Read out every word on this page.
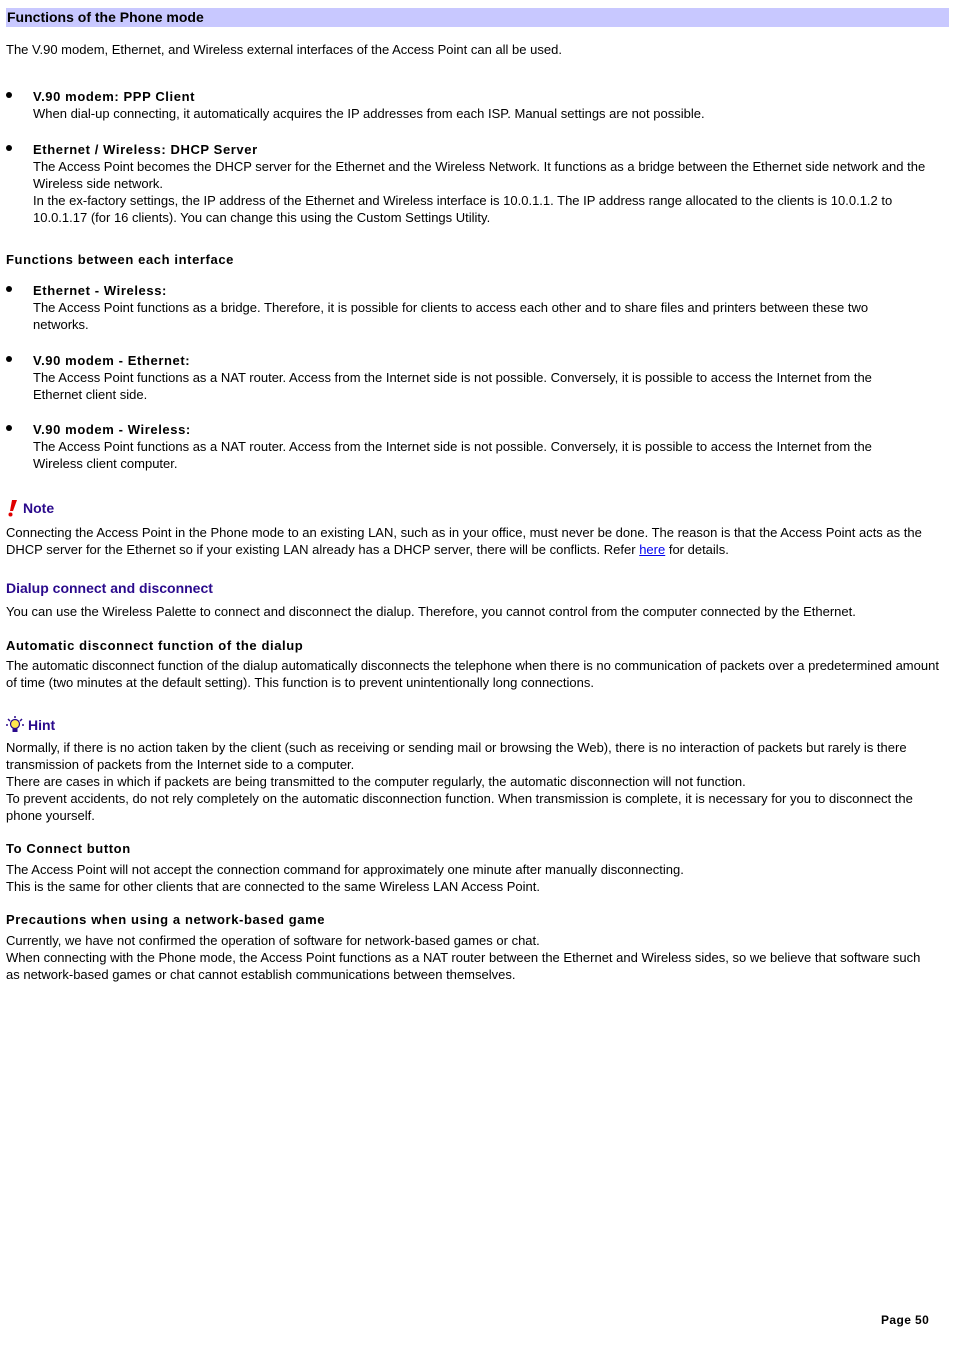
Functions of the Phone mode

The V.90 modem, Ethernet, and Wireless external interfaces of the Access Point can all be used.

V.90 modem: PPP Client

When dial-up connecting, it automatically acquires the IP addresses from each ISP. Manual settings are not possible.

Ethernet / Wireless: DHCP Server

The Access Point becomes the DHCP server for the Ethernet and the Wireless Network. It functions as a bridge between the Ethernet side network and the

Wireless side network.

In the ex-factory settings, the IP address of the Ethernet and Wireless interface is 10.0.1.1. The IP address range allocated to the clients is 10.0.1.2 to

10.0.1.17 (for 16 clients). You can change this using the Custom Settings Utility.

Functions between each interface
Ethernet - Wireless:

The Access Point functions as a bridge. Therefore, it is possible for clients to access each other and to share files and printers between these two

networks.

V.90 modem - Ethernet:

The Access Point functions as a NAT router. Access from the Internet side is not possible. Conversely, it is possible to access the Internet from the

Ethernet client side.

V.90 modem - Wireless:

The Access Point functions as a NAT router. Access from the Internet side is not possible. Conversely, it is possible to access the Internet from the

Wireless client computer.

Note

Connecting the Access Point in the Phone mode to an existing LAN, such as in your office, must never be done. The reason is that the Access Point acts as the

DHCP server for the Ethernet so if your existing LAN already has a DHCP server, there will be conflicts. Refer here for details.

Dialup connect and disconnect

You can use the Wireless Palette to connect and disconnect the dialup. Therefore, you cannot control from the computer connected by the Ethernet.

Automatic disconnect function of the dialup

The automatic disconnect function of the dialup automatically disconnects the telephone when there is no communication of packets over a predetermined amount

of time (two minutes at the default setting). This function is to prevent unintentionally long connections.

Hint

Normally, if there is no action taken by the client (such as receiving or sending mail or browsing the Web), there is no interaction of packets but rarely is there

transmission of packets from the Internet side to a computer.

There are cases in which if packets are being transmitted to the computer regularly, the automatic disconnection will not function.

To prevent accidents, do not rely completely on the automatic disconnection function. When transmission is complete, it is necessary for you to disconnect the

phone yourself.

To Connect button

The Access Point will not accept the connection command for approximately one minute after manually disconnecting.

This is the same for other clients that are connected to the same Wireless LAN Access Point.

Precautions when using a network-based game

Currently, we have not confirmed the operation of software for network-based games or chat.

When connecting with the Phone mode, the Access Point functions as a NAT router between the Ethernet and Wireless sides, so we believe that software such

as network-based games or chat cannot establish communications between themselves.

Page 50
